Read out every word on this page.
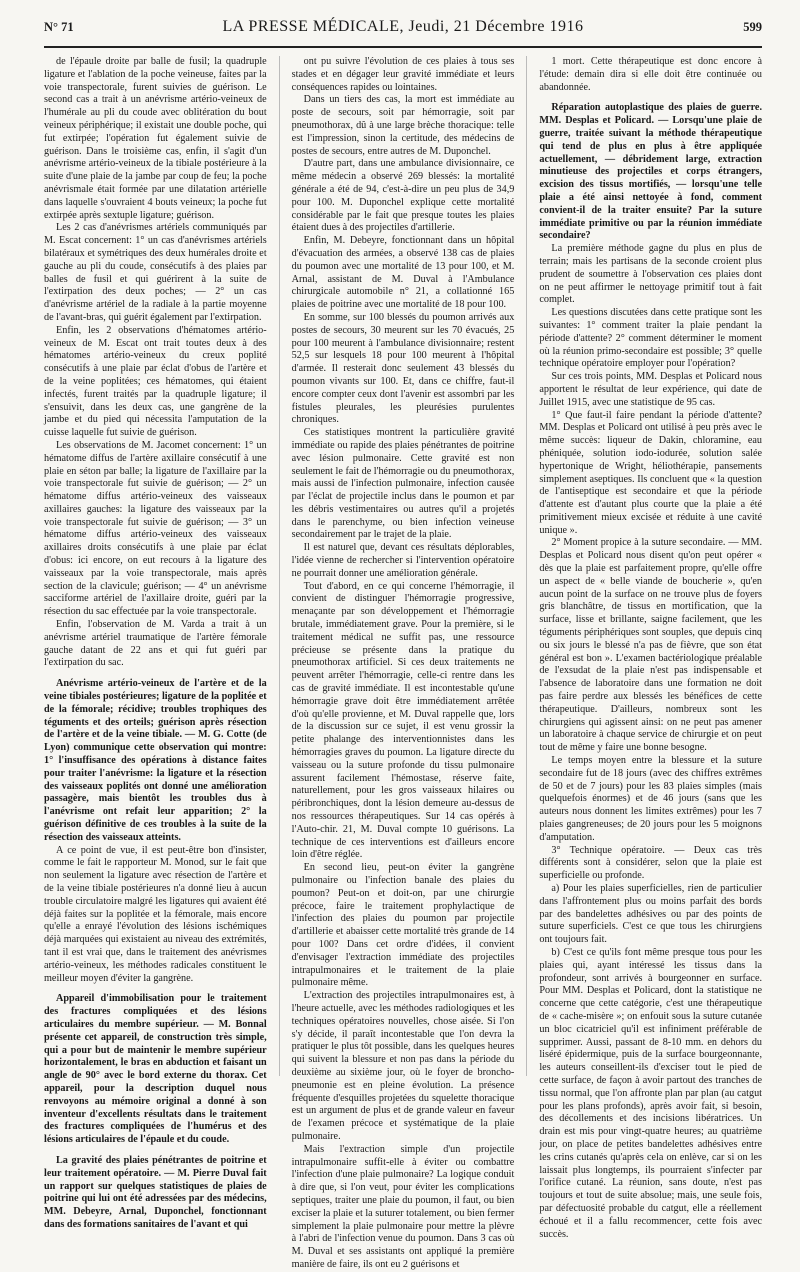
N° 71	LA PRESSE MÉDICALE, Jeudi, 21 Décembre 1916	599

de l'épaule droite par balle de fusil; la quadruple ligature et l'ablation de la poche veineuse, faites par la voie transpectorale, furent suivies de guérison. Le second cas a trait à un anévrisme artério-veineux de l'humérale au pli du coude avec oblitération du bout veineux périphérique; il existait une double poche, qui fut extirpée; l'opération fut également suivie de guérison. Dans le troisième cas, enfin, il s'agit d'un anévrisme artério-veineux de la tibiale postérieure à la suite d'une plaie de la jambe par coup de feu; la poche anévrismale était formée par une dilatation artérielle dans laquelle s'ouvraient 4 bouts veineux; la poche fut extirpée après sextuple ligature; guérison.

Les 2 cas d'anévrismes artériels communiqués par M. Escat concernent: 1° un cas d'anévrismes artériels bilatéraux et symétriques des deux humérales droite et gauche au pli du coude, consécutifs à des plaies par balles de fusil et qui guérirent à la suite de l'extirpation des deux poches; — 2° un cas d'anévrisme artériel de la radiale à la partie moyenne de l'avant-bras, qui guérit également par l'extirpation.

Enfin, les 2 observations d'hématomes artério-veineux de M. Escat ont trait toutes deux à des hématomes artério-veineux du creux poplité consécutifs à une plaie par éclat d'obus de l'artère et de la veine poplitées; ces hématomes, qui étaient infectés, furent traités par la quadruple ligature; il s'ensuivit, dans les deux cas, une gangrène de la jambe et du pied qui nécessita l'amputation de la cuisse laquelle fut suivie de guérison.

Les observations de M. Jacomet concernent: 1° un hématome diffus de l'artère axillaire consécutif à une plaie en séton par balle; la ligature de l'axillaire par la voie transpectorale fut suivie de guérison; — 2° un hématome diffus artério-veineux des vaisseaux axillaires gauches: la ligature des vaisseaux par la voie transpectorale fut suivie de guérison; — 3° un hématome diffus artério-veineux des vaisseaux axillaires droits consécutifs à une plaie par éclat d'obus: ici encore, on eut recours à la ligature des vaisseaux par la voie transpectorale, mais après section de la clavicule; guérison; — 4° un anévrisme sacciforme artériel de l'axillaire droite, guéri par la résection du sac effectuée par la voie transpectorale.

Enfin, l'observation de M. Varda a trait à un anévrisme artériel traumatique de l'artère fémorale gauche datant de 22 ans et qui fut guéri par l'extirpation du sac.

Anévrisme artério-veineux de l'artère et de la veine tibiales postérieures; ligature de la poplitée et de la fémorale; récidive; troubles trophiques des téguments et des orteils; guérison après résection de l'artère et de la veine tibiale. — M. G. Cotte (de Lyon) communique cette observation qui montre: 1° l'insuffisance des opérations à distance faites pour traiter l'anévrisme: la ligature et la résection des vaisseaux poplités ont donné une amélioration passagère, mais bientôt les troubles dus à l'anévrisme ont refait leur apparition; 2° la guérison définitive de ces troubles à la suite de la résection des vaisseaux atteints.

A ce point de vue, il est peut-être bon d'insister, comme le fait le rapporteur M. Monod, sur le fait que non seulement la ligature avec résection de l'artère et de la veine tibiale postérieures n'a donné lieu à aucun trouble circulatoire malgré les ligatures qui avaient été déjà faites sur la poplitée et la fémorale, mais encore qu'elle a enrayé l'évolution des lésions ischémiques déjà marquées qui existaient au niveau des extrémités, tant il est vrai que, dans le traitement des anévrismes artério-veineux, les méthodes radicales constituent le meilleur moyen d'éviter la gangrène.

Appareil d'immobilisation pour le traitement des fractures compliquées et des lésions articulaires du membre supérieur. — M. Bonnal présente cet appareil, de construction très simple, qui a pour but de maintenir le membre supérieur horizontalement, le bras en abduction et faisant un angle de 90° avec le bord externe du thorax. Cet appareil, pour la description duquel nous renvoyons au mémoire original a donné à son inventeur d'excellents résultats dans le traitement des fractures compliquées de l'humérus et des lésions articulaires de l'épaule et du coude.

La gravité des plaies pénétrantes de poitrine et leur traitement opératoire. — M. Pierre Duval fait un rapport sur quelques statistiques de plaies de poitrine qui lui ont été adressées par des médecins, MM. Debeyre, Arnal, Duponchel, fonctionnant dans des formations sanitaires de l'avant et qui

ont pu suivre l'évolution de ces plaies à tous ses stades et en dégager leur gravité immédiate et leurs conséquences rapides ou lointaines.

Dans un tiers des cas, la mort est immédiate au poste de secours, soit par hémorragie, soit par pneumothorax, dû à une large brèche thoracique: telle est l'impression, sinon la certitude, des médecins de postes de secours, entre autres de M. Duponchel.

D'autre part, dans une ambulance divisionnaire, ce même médecin a observé 269 blessés: la mortalité générale a été de 94, c'est-à-dire un peu plus de 34,9 pour 100. M. Duponchel explique cette mortalité considérable par le fait que presque toutes les plaies étaient dues à des projectiles d'artillerie.

Enfin, M. Debeyre, fonctionnant dans un hôpital d'évacuation des armées, a observé 138 cas de plaies du poumon avec une mortalité de 13 pour 100, et M. Arnal, assistant de M. Duval à l'Ambulance chirurgicale automobile n° 21, a collationné 165 plaies de poitrine avec une mortalité de 18 pour 100.

En somme, sur 100 blessés du poumon arrivés aux postes de secours, 30 meurent sur les 70 évacués, 25 pour 100 meurent à l'ambulance divisionnaire; restent 52,5 sur lesquels 18 pour 100 meurent à l'hôpital d'armée. Il resterait donc seulement 43 blessés du poumon vivants sur 100. Et, dans ce chiffre, faut-il encore compter ceux dont l'avenir est assombri par les fistules pleurales, les pleurésies purulentes chroniques.

Ces statistiques montrent la particulière gravité immédiate ou rapide des plaies pénétrantes de poitrine avec lésion pulmonaire. Cette gravité est non seulement le fait de l'hémorragie ou du pneumothorax, mais aussi de l'infection pulmonaire, infection causée par l'éclat de projectile inclus dans le poumon et par les débris vestimentaires ou autres qu'il a projetés dans le parenchyme, ou bien infection veineuse secondairement par le trajet de la plaie.

Il est naturel que, devant ces résultats déplorables, l'idée vienne de rechercher si l'intervention opératoire ne pourrait donner une amélioration générale.

Tout d'abord, en ce qui concerne l'hémorragie, il convient de distinguer l'hémorragie progressive, menaçante par son développement et l'hémorragie brutale, immédiatement grave. Pour la première, si le traitement médical ne suffit pas, une ressource précieuse se présente dans la pratique du pneumothorax artificiel. Si ces deux traitements ne peuvent arrêter l'hémorragie, celle-ci rentre dans les cas de gravité immédiate. Il est incontestable qu'une hémorragie grave doit être immédiatement arrêtée d'où qu'elle provienne, et M. Duval rappelle que, lors de la discussion sur ce sujet, il est venu grossir la petite phalange des interventionnistes dans les hémorragies graves du poumon. La ligature directe du vaisseau ou la suture profonde du tissu pulmonaire assurent facilement l'hémostase, réserve faite, naturellement, pour les gros vaisseaux hilaires ou péribronchiques, dont la lésion demeure au-dessus de nos ressources thérapeutiques. Sur 14 cas opérés à l'Auto-chir. 21, M. Duval compte 10 guérisons. La technique de ces interventions est d'ailleurs encore loin d'être réglée.

En second lieu, peut-on éviter la gangrène pulmonaire ou l'infection banale des plaies du poumon? Peut-on et doit-on, par une chirurgie précoce, faire le traitement prophylactique de l'infection des plaies du poumon par projectile d'artillerie et abaisser cette mortalité très grande de 14 pour 100? Dans cet ordre d'idées, il convient d'envisager l'extraction immédiate des projectiles intrapulmonaires et le traitement de la plaie pulmonaire même.

L'extraction des projectiles intrapulmonaires est, à l'heure actuelle, avec les méthodes radiologiques et les techniques opératoires nouvelles, chose aisée. Si l'on s'y décide, il paraît incontestable que l'on devra la pratiquer le plus tôt possible, dans les quelques heures qui suivent la blessure et non pas dans la période du deuxième au sixième jour, où le foyer de broncho-pneumonie est en pleine évolution. La présence fréquente d'esquilles projetées du squelette thoracique est un argument de plus et de grande valeur en faveur de l'examen précoce et systématique de la plaie pulmonaire.

Mais l'extraction simple d'un projectile intrapulmonaire suffit-elle à éviter ou combattre l'infection d'une plaie pulmonaire? La logique conduit à dire que, si l'on veut, pour éviter les complications septiques, traiter une plaie du poumon, il faut, ou bien exciser la plaie et la suturer totalement, ou bien fermer simplement la plaie pulmonaire pour mettre la plèvre à l'abri de l'infection venue du poumon. Dans 3 cas où M. Duval et ses assistants ont appliqué la première manière de faire, ils ont eu 2 guérisons et

1 mort. Cette thérapeutique est donc encore à l'étude: demain dira si elle doit être continuée ou abandonnée.

Réparation autoplastique des plaies de guerre. MM. Desplas et Policard. — Lorsqu'une plaie de guerre, traitée suivant la méthode thérapeutique qui tend de plus en plus à être appliquée actuellement, — débridement large, extraction minutieuse des projectiles et corps étrangers, excision des tissus mortifiés, — lorsqu'une telle plaie a été ainsi nettoyée à fond, comment convient-il de la traiter ensuite? Par la suture immédiate primitive ou par la réunion immédiate secondaire?

La première méthode gagne du plus en plus de terrain; mais les partisans de la seconde croient plus prudent de soumettre à l'observation ces plaies dont on ne peut affirmer le nettoyage primitif tout à fait complet.

Les questions discutées dans cette pratique sont les suivantes: 1° comment traiter la plaie pendant la période d'attente? 2° comment déterminer le moment où la réunion primo-secondaire est possible; 3° quelle technique opératoire employer pour l'opération?

Sur ces trois points, MM. Desplas et Policard nous apportent le résultat de leur expérience, qui date de Juillet 1915, avec une statistique de 95 cas.

1° Que faut-il faire pendant la période d'attente? MM. Desplas et Policard ont utilisé à peu près avec le même succès: liqueur de Dakin, chloramine, eau phéniquée, solution iodo-iodurée, solution salée hypertonique de Wright, héliothérapie, pansements simplement aseptiques. Ils concluent que « la question de l'antiseptique est secondaire et que la période d'attente est d'autant plus courte que la plaie a été primitivement mieux excisée et réduite à une cavité unique ».

2° Moment propice à la suture secondaire. — MM. Desplas et Policard nous disent qu'on peut opérer « dès que la plaie est parfaitement propre, qu'elle offre un aspect de « belle viande de boucherie », qu'en aucun point de la surface on ne trouve plus de foyers gris blanchâtre, de tissus en mortification, que la surface, lisse et brillante, saigne facilement, que les téguments périphériques sont souples, que depuis cinq ou six jours le blessé n'a pas de fièvre, que son état général est bon ». L'examen bactériologique préalable de l'exsudat de la plaie n'est pas indispensable et l'absence de laboratoire dans une formation ne doit pas faire perdre aux blessés les bénéfices de cette thérapeutique. D'ailleurs, nombreux sont les chirurgiens qui agissent ainsi: on ne peut pas amener un laboratoire à chaque service de chirurgie et on peut tout de même y faire une bonne besogne.

Le temps moyen entre la blessure et la suture secondaire fut de 18 jours (avec des chiffres extrêmes de 50 et de 7 jours) pour les 83 plaies simples (mais quelquefois énormes) et de 46 jours (sans que les auteurs nous donnent les limites extrêmes) pour les 7 plaies gangreneuses; de 20 jours pour les 5 moignons d'amputation.

3° Technique opératoire. — Deux cas très différents sont à considérer, selon que la plaie est superficielle ou profonde.

a) Pour les plaies superficielles, rien de particulier dans l'affrontement plus ou moins parfait des bords par des bandelettes adhésives ou par des points de suture superficiels. C'est ce que tous les chirurgiens ont toujours fait.

b) C'est ce qu'ils font même presque tous pour les plaies qui, ayant intéressé les tissus dans la profondeur, sont arrivés à bourgeonner en surface. Pour MM. Desplas et Policard, dont la statistique ne concerne que cette catégorie, c'est une thérapeutique de « cache-misère »; on enfouit sous la suture cutanée un bloc cicatriciel qu'il est infiniment préférable de supprimer. Aussi, passant de 8-10 mm. en dehors du liséré épidermique, puis de la surface bourgeonnante, les auteurs conseillent-ils d'exciser tout le pied de cette surface, de façon à avoir partout des tranches de tissu normal, que l'on affronte plan par plan (au catgut pour les plans profonds), après avoir fait, si besoin, des décollements et des incisions libératrices. Un drain est mis pour vingt-quatre heures; au quatrième jour, on place de petites bandelettes adhésives entre les crins cutanés qu'après cela on enlève, car si on les laissait plus longtemps, ils pourraient s'infecter par l'orifice cutané. La réunion, sans doute, n'est pas toujours et tout de suite absolue; mais, une seule fois, par défectuosité probable du catgut, elle a réellement échoué et il a fallu recommencer, cette fois avec succès.
